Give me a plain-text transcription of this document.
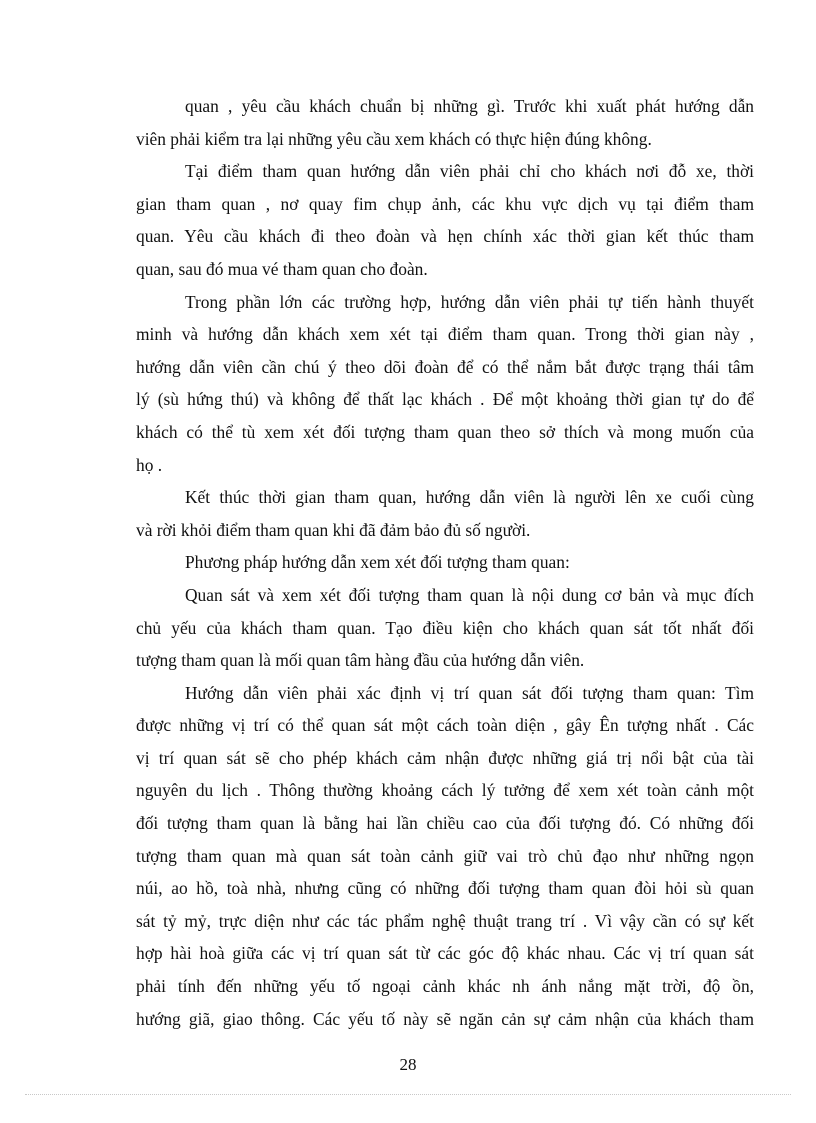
quan , yêu cầu khách chuẩn bị những gì. Trước khi xuất phát hướng dẫn
viên phải kiểm tra lại những yêu cầu xem khách có thực hiện đúng không.
Tại điểm tham quan hướng dẫn viên phải chỉ cho khách nơi đỗ xe, thời
gian tham quan , nơ quay fim chụp ảnh, các khu vực dịch vụ tại điểm tham
quan. Yêu cầu khách đi theo đoàn và hẹn chính xác thời gian kết thúc tham
quan, sau đó mua vé tham quan cho đoàn.
Trong phần lớn các trường hợp, hướng dẫn viên phải tự tiến hành thuyết
minh và hướng dẫn khách xem xét tại điểm tham quan. Trong thời gian này ,
hướng dẫn viên cần chú ý theo dõi đoàn để có thể nắm bắt được trạng thái tâm
lý (sù hứng thú) và không để thất lạc khách . Để một khoảng thời gian tự do để
khách có thể tù xem xét đối tượng tham quan theo sở thích và mong muốn của
họ .
Kết thúc thời gian tham quan, hướng dẫn viên là người lên xe cuối cùng
và rời khỏi điểm tham quan khi đã đảm bảo đủ số người.
Phương pháp hướng dẫn xem xét đối tượng tham quan:
Quan sát và xem xét đối tượng tham quan là nội dung cơ bản và mục đích
chủ yếu của khách tham quan. Tạo điều kiện cho khách quan sát tốt nhất đối
tượng tham quan là mối quan tâm hàng đầu của hướng dẫn viên.
Hướng dẫn viên phải xác định vị trí quan sát đối tượng tham quan: Tìm
được những vị trí có thể quan sát một cách toàn diện , gây Ên tượng nhất . Các
vị trí quan sát sẽ cho phép khách cảm nhận được những giá trị nổi bật của tài
nguyên du lịch . Thông thường khoảng cách lý tưởng để xem xét toàn cảnh một
đối tượng tham quan là bằng hai lần chiều cao của đối tượng đó. Có những đối
tượng tham quan mà quan sát toàn cảnh giữ vai trò chủ đạo như những ngọn
núi, ao hồ, toà nhà, nhưng cũng có những đối tượng tham quan đòi hỏi sù quan
sát tỷ mỷ, trực diện như các tác phẩm nghệ thuật trang trí . Vì vậy cần có sự kết
hợp hài hoà giữa các vị trí quan sát từ các góc độ khác nhau. Các vị trí quan sát
phải tính đến những yếu tố ngoại cảnh khác nh ánh nắng mặt trời, độ ồn,
hướng giã, giao thông. Các yếu tố này sẽ ngăn cản sự cảm nhận của khách tham
28
